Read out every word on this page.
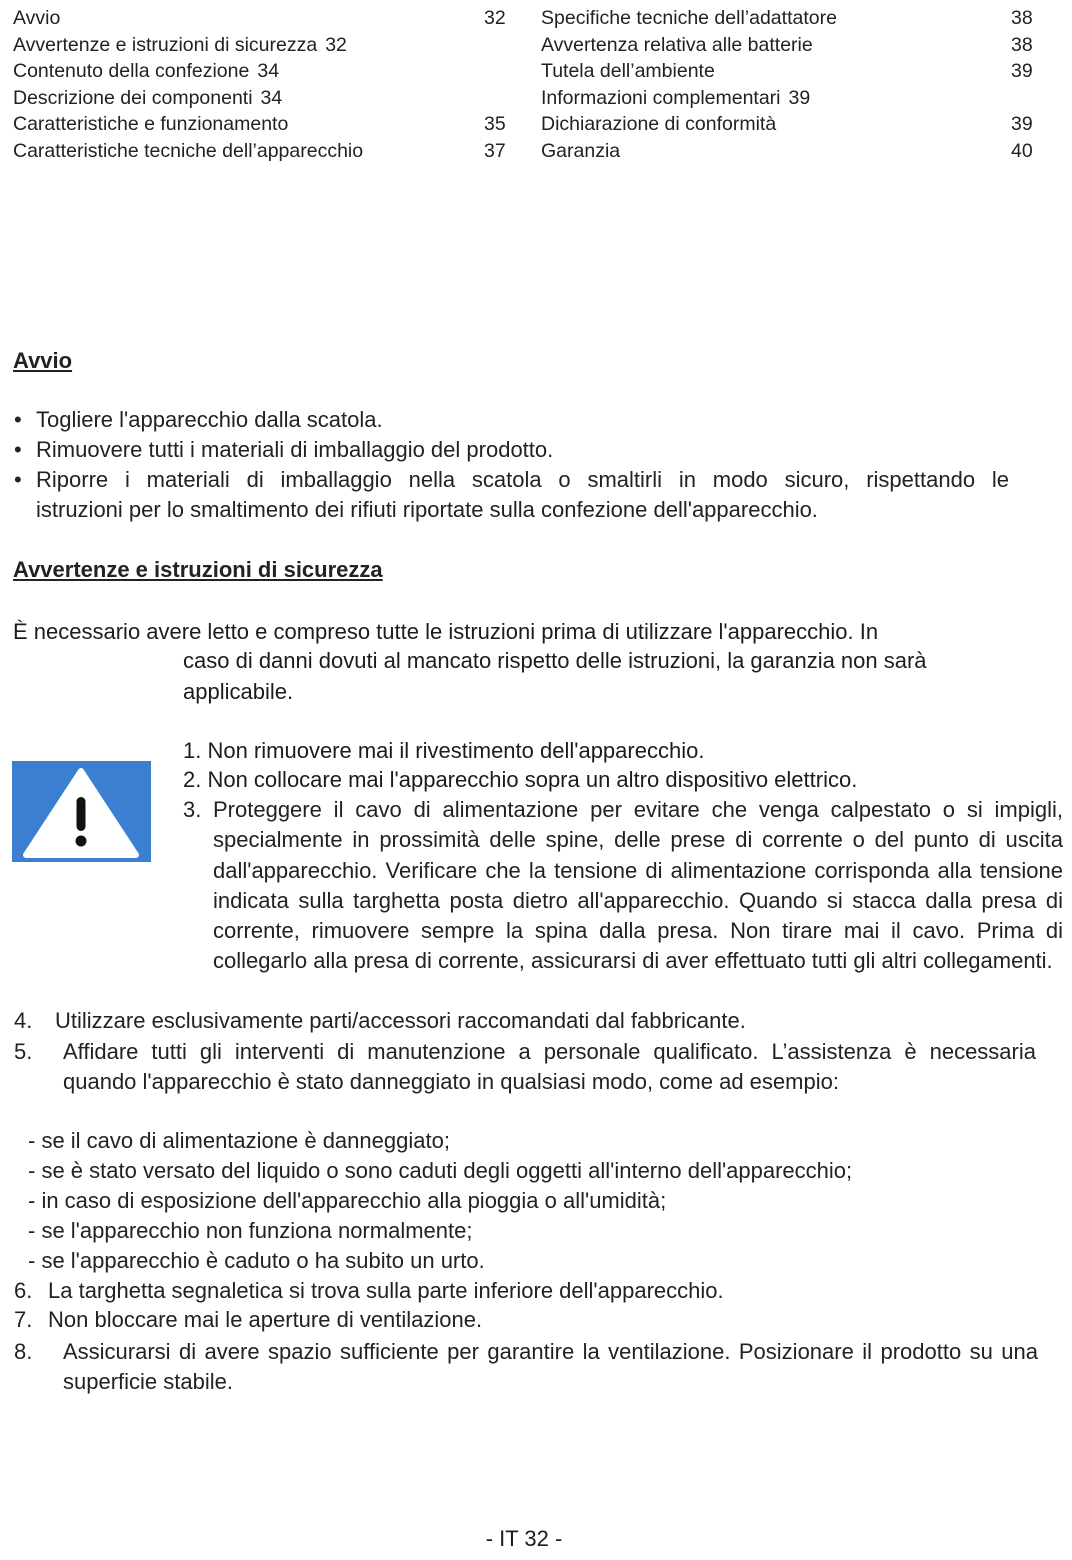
Avvio	32
Avvertenze e istruzioni di sicurezza 32
Contenuto della confezione 34
Descrizione dei componenti 34
Caratteristiche e funzionamento	35
Caratteristiche tecniche dell’apparecchio	37
Specifiche tecniche dell’adattatore	38
Avvertenza relativa alle batterie	38
Tutela dell’ambiente	39
Informazioni complementari 39
Dichiarazione di conformità	39
Garanzia	40
Avvio
• Togliere l'apparecchio dalla scatola.
• Rimuovere tutti i materiali di imballaggio del prodotto.
• Riporre i materiali di imballaggio nella scatola o smaltirli in modo sicuro, rispettando le
istruzioni per lo smaltimento dei rifiuti riportate sulla confezione dell'apparecchio.
Avvertenze e istruzioni di sicurezza
È necessario avere letto e compreso tutte le istruzioni prima di utilizzare l'apparecchio. In
caso di danni dovuti al mancato rispetto delle istruzioni, la garanzia non sarà
applicabile.
1. Non rimuovere mai il rivestimento dell'apparecchio.
2. Non collocare mai l'apparecchio sopra un altro dispositivo elettrico.
3. Proteggere il cavo di alimentazione per evitare che venga calpestato o si impigli, specialmente in prossimità delle spine, delle prese di corrente o del punto di uscita dall'apparecchio. Verificare che la tensione di alimentazione corrisponda alla tensione indicata sulla targhetta posta dietro all'apparecchio. Quando si stacca dalla presa di corrente, rimuovere sempre la spina dalla presa. Non tirare mai il cavo. Prima di collegarlo alla presa di corrente, assicurarsi di aver effettuato tutti gli altri collegamenti.
4. Utilizzare esclusivamente parti/accessori raccomandati dal fabbricante.
5. Affidare tutti gli interventi di manutenzione a personale qualificato. L’assistenza è necessaria quando l'apparecchio è stato danneggiato in qualsiasi modo, come ad esempio:
- se il cavo di alimentazione è danneggiato;
- se è stato versato del liquido o sono caduti degli oggetti all'interno dell'apparecchio;
- in caso di esposizione dell'apparecchio alla pioggia o all'umidità;
- se l'apparecchio non funziona normalmente;
- se l'apparecchio è caduto o ha subito un urto.
6. La targhetta segnaletica si trova sulla parte inferiore dell'apparecchio.
7. Non bloccare mai le aperture di ventilazione.
8. Assicurarsi di avere spazio sufficiente per garantire la ventilazione. Posizionare il prodotto su una superficie stabile.
- IT 32 -
